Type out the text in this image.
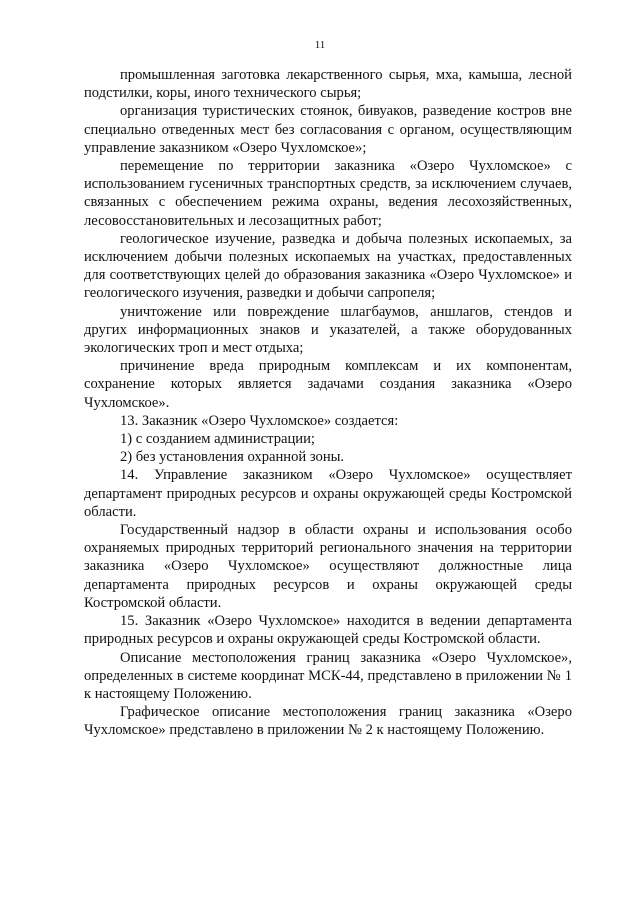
11

промышленная заготовка лекарственного сырья, мха, камыша, лесной подстилки, коры, иного технического сырья;

организация туристических стоянок, бивуаков, разведение костров вне специально отведенных мест без согласования с органом, осуществляющим управление заказником «Озеро Чухломское»;

перемещение по территории заказника «Озеро Чухломское» с использованием гусеничных транспортных средств, за исключением случаев, связанных с обеспечением режима охраны, ведения лесохозяйственных, лесовосстановительных и лесозащитных работ;

геологическое изучение, разведка и добыча полезных ископаемых, за исключением добычи полезных ископаемых на участках, предоставленных для соответствующих целей до образования заказника «Озеро Чухломское» и геологического изучения, разведки и добычи сапропеля;

уничтожение или повреждение шлагбаумов, аншлагов, стендов и других информационных знаков и указателей, а также оборудованных экологических троп и мест отдыха;

причинение вреда природным комплексам и их компонентам, сохранение которых является задачами создания заказника «Озеро Чухломское».

13. Заказник «Озеро Чухломское» создается:

1) с созданием администрации;

2) без установления охранной зоны.

14. Управление заказником «Озеро Чухломское» осуществляет департамент природных ресурсов и охраны окружающей среды Костромской области.

Государственный надзор в области охраны и использования особо охраняемых природных территорий регионального значения на территории заказника «Озеро Чухломское» осуществляют должностные лица департамента природных ресурсов и охраны окружающей среды Костромской области.

15. Заказник «Озеро Чухломское» находится в ведении департамента природных ресурсов и охраны окружающей среды Костромской области.

Описание местоположения границ заказника «Озеро Чухломское», определенных в системе координат МСК-44, представлено в приложении № 1 к настоящему Положению.

Графическое описание местоположения границ заказника «Озеро Чухломское» представлено в приложении № 2 к настоящему Положению.
